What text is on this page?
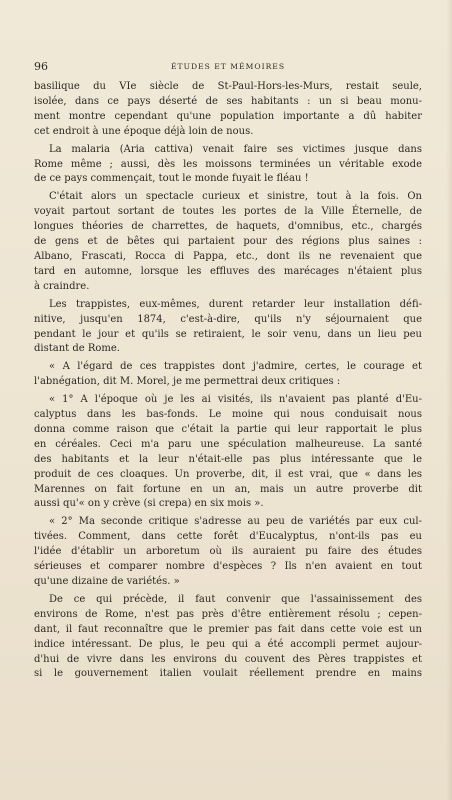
96	ÉTUDES ET MÉMOIRES
basilique du VIe siècle de St-Paul-Hors-les-Murs, restait seule,
isolée, dans ce pays déserté de ses habitants : un si beau monu-
ment montre cependant qu'une population importante a dû habiter
cet endroit à une époque déjà loin de nous.
La malaria (Aria cattiva) venait faire ses victimes jusque dans
Rome même ; aussi, dès les moissons terminées un véritable exode
de ce pays commençait, tout le monde fuyait le fléau !
C'était alors un spectacle curieux et sinistre, tout à la fois. On
voyait partout sortant de toutes les portes de la Ville Éternelle, de
longues théories de charrettes, de haquets, d'omnibus, etc., chargés
de gens et de bêtes qui partaient pour des régions plus saines :
Albano, Frascati, Rocca di Pappa, etc., dont ils ne revenaient que
tard en automne, lorsque les effluves des marécages n'étaient plus
à craindre.
Les trappistes, eux-mêmes, durent retarder leur installation défi-
nitive, jusqu'en 1874, c'est-à-dire, qu'ils n'y séjournaient que
pendant le jour et qu'ils se retiraient, le soir venu, dans un lieu peu
distant de Rome.
« A l'égard de ces trappistes dont j'admire, certes, le courage et
l'abnégation, dit M. Morel, je me permettrai deux critiques :
« 1° A l'époque où je les ai visités, ils n'avaient pas planté d'Eu-
calyptus dans les bas-fonds. Le moine qui nous conduisait nous
donna comme raison que c'était la partie qui leur rapportait le plus
en céréales. Ceci m'a paru une spéculation malheureuse. La santé
des habitants et la leur n'était-elle pas plus intéressante que le
produit de ces cloaques. Un proverbe, dit, il est vrai, que « dans les
Marennes on fait fortune en un an, mais un autre proverbe dit
aussi qu'« on y crève (si crepa) en six mois ».
« 2° Ma seconde critique s'adresse au peu de variétés par eux cul-
tivées. Comment, dans cette forêt d'Eucalyptus, n'ont-ils pas eu
l'idée d'établir un arboretum où ils auraient pu faire des études
sérieuses et comparer nombre d'espèces ? Ils n'en avaient en tout
qu'une dizaine de variétés. »
De ce qui précède, il faut convenir que l'assainissement des
environs de Rome, n'est pas près d'être entièrement résolu ; cepen-
dant, il faut reconnaître que le premier pas fait dans cette voie est un
indice intéressant. De plus, le peu qui a été accompli permet aujour-
d'hui de vivre dans les environs du couvent des Pères trappistes et
si le gouvernement italien voulait réellement prendre en mains
